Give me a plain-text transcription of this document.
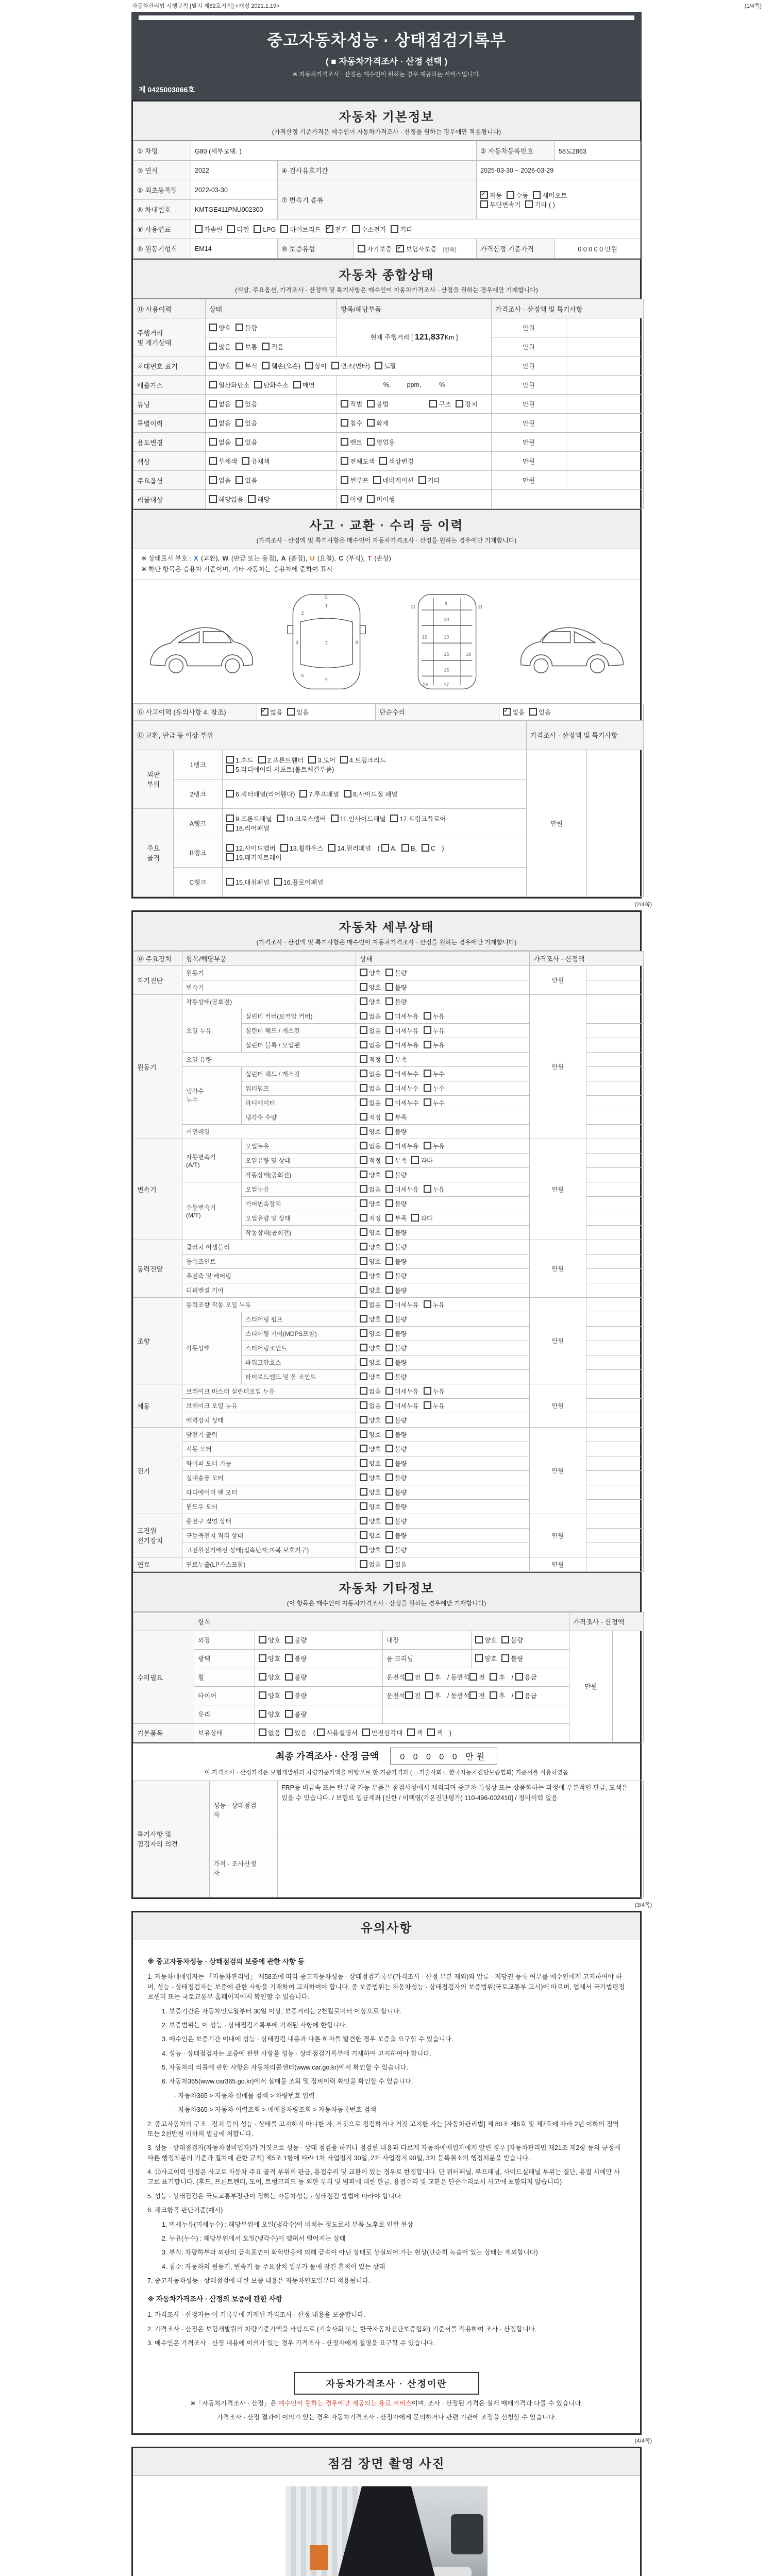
자동차관리법 시행규칙 [별지 제82호서식] <개정 2021.1.19>	(1/4쪽)
중고자동차성능 · 상태점검기록부
( ■ 자동차가격조사 · 산정 선택 )
※ 자동차가격조사 · 산정은 매수인이 원하는 경우 제공하는 서비스입니다.
제 0425003066호
자동차 기본정보
(가격산정 기준가격은 매수인이 자동차가격조사 · 산정을 원하는 경우에만 적용됩니다)
① 차명	G80 (세부모델: )			② 자동차등록번호	58도2863
③ 연식	2022	④ 검사유효기간		2025-03-30 ~ 2026-03-29	
⑤ 최초등록일	2022-03-30	⑦ 변속기 종류	✓자동 수동 세미오토
무단변속기 기타 ( )
⑥ 차대번호	KMTGE411PNU002300				
⑧ 사용연료	가솔린 디젤 LPG 하이브리드 ✓ 전기 수소전기 기타
⑨ 원동기형식	EM14	⑩ 보증유형	자가보증 ✓ 보험사보증 [한화]	가격산정 기준가격	0 0 0 0 0 만원
자동차 종합상태
(색상, 주요옵션, 가격조사 · 산정액 및 특기사항은 매수인이 자동차가격조사 · 산정을 원하는 경우에만 기재합니다)
⑪ 사용이력	상태	항목/해당부품	가격조사 · 산정액 및 특기사항	
주행거리
및 계기상태	양호 불량	현재 주행거리 [ 121,837Km ]	만원	
	많음 보통 적음		만원	
차대번호 표기	양호 부식 훼손(오손) 상이 변조(변타) 도말		만원	
배출가스	일산화탄소 탄화수소 매연	%,         ppm,          %	만원	
튜닝	없음 있음	적법 불법 구조 장치	만원	
특별이력	없음 있음	침수 화재	만원	
용도변경	없음 있음	렌트 영업용	만원	
색상	무채색 유채색	전체도색 색상변경	만원	
주요옵션	없음 있음	썬루프 네비게이션 기타	만원	
리콜대상	해당없음 해당	이행 미이행		
사고 · 교환 · 수리 등 이력
(가격조사 · 산정액 및 특기사항은 매수인이 자동차가격조사 · 산정을 원하는 경우에만 기재합니다)
※ 상태표시 부호 : X (교환), W (판금 또는 용접), A (흠집), U (요철), C (부식), T (손상)
※ 하단 항목은 승용차 기준이며, 기타 자동차는 승용차에 준하여 표시
1
2
3	7	8
4
5
6
11	11
9
10
12	13
15
16
19
17
18
⑫ 사고이력 (유의사항 4. 참조)	✓없음 있음	단순수리	✓없음 있음
⑬ 교환, 판금 등 이상 부위			가격조사 · 산정액 및 특기사항	
외판
부위	1랭크	1.후드 2.프론트휀더 3.도어 4.트렁크리드
5.라디에이터 서포트(볼트체결부품)	만원	
	2랭크	6.쿼터패널(리어휀다) 7.루프패널 8.사이드실 패널		
주요
골격	A랭크	9.프론트패널 10.크로스멤버 11.인사이드패널 17.트렁크플로어
18.리어패널		
	B랭크	12.사이드멤버 13.휠하우스 14.필러패널 ( A, B, C )
19.패키지트레이		
	C랭크	15.대쉬패널 16.플로어패널		
(2/4쪽)
자동차 세부상태
(가격조사 · 산정액 및 특기사항은 매수인이 자동차가격조사 · 산정을 원하는 경우에만 기재합니다)
⑭ 주요장치	항목/해당부품		상태	가격조사 · 산정액	
자기진단	원동기		양호 불량	만원	
	변속기		양호 불량		
원동기	작동상태(공회전)		양호 불량	만원	
	오일 누유	실린더 커버(로커암 커버)	없음 미세누유 누유		
		실린더 헤드 / 개스킷	없음 미세누유 누유		
		실린더 블록 / 오일팬	없음 미세누유 누유		
	오일 유량		적정 부족		
	냉각수
누수	실린더 헤드 / 개스킷	없음 미세누수 누수		
		워터펌프	없음 미세누수 누수		
		라디에이터	없음 미세누수 누수		
		냉각수 수량	적정 부족		
	커먼레일		양호 불량		
변속기	자동변속기
(A/T)	오일누유	없음 미세누유 누유	만원	
		오일유량 및 상태	적정 부족 과다		
		작동상태(공회전)	양호 불량		
	수동변속기
(M/T)	오일누유	없음 미세누유 누유		
		기어변속장치	양호 불량		
		오일유량 및 상태	적정 부족 과다		
		작동상태(공회전)	양호 불량		
동력전달	클러치 어셈블리		양호 불량	만원	
	등속조인트		양호 불량		
	추진축 및 베어링		양호 불량		
	디퍼렌셜 기어		양호 불량		
조향	동력조향 작동 오일 누유		없음 미세누유 누유	만원	
	작동상태	스티어링 펌프	양호 불량		
		스티어링 기어(MDPS포함)	양호 불량		
		스티어링조인트	양호 불량		
		파워고압호스	양호 불량		
		타이로드엔드 및 볼 조인트	양호 불량		
제동	브레이크 마스터 실린더오일 누유		없음 미세누유 누유	만원	
	브레이크 오일 누유		없음 미세누유 누유		
	배력장치 상태		양호 불량		
전기	발전기 출력		양호 불량	만원	
	시동 모터		양호 불량		
	와이퍼 모터 기능		양호 불량		
	실내송풍 모터		양호 불량		
	라디에이터 팬 모터		양호 불량		
	윈도우 모터		양호 불량		
고전원
전기장치	충전구 절연 상태		양호 불량	만원	
	구동축전지 격리 상태		양호 불량		
	고전원전기배선 상태(접속단자,피복,보호기구)		양호 불량		
연료	연료누출(LP가스포함)		없음 있음	만원	
자동차 기타정보
(이 항목은 매수인이 자동차가격조사 · 산정을 원하는 경우에만 기재합니다)
	항목				가격조사 · 산정액	
수리필요	외장	양호 불량	내장	양호 불량	만원	
	광택	양호 불량	룸 크리닝	양호 불량		
	휠	양호 불량	운전석 전 후 / 동반석 전 후 / 응급			
	타이어	양호 불량	운전석 전 후 / 동반석 전 후 / 응급			
	유리	양호 불량				
기본품목	보유상태	없음 있음 ( 사용설명서 안전삼각대 잭 잭 )				
최종 가격조사 · 산정 금액	0 0 0 0 0 만원
이 가격조사 · 산정가격은 보험개발원의 차량기준가액을 바탕으로 한 기준가격과 ( □ 기술사회 □ 한국자동차진단보증협회) 기준서를 적용하였음
특기사항 및
점검자의 의견	성능 · 상태점검
자	FRP등 비금속 또는 탈부착 가능 부품은 점검사항에서 제외되며 중고차 특성상 또는 상품화하는 과정에 부분적인 판금, 도색은 있을 수 있습니다. / 보험료 입금계좌 [신한 / 이택영(가온진단평가) 110-496-002410] / 정비이력 없음
	가격 · 조사산정
자	
(3/4쪽)
유의사항
※ 중고자동차성능 · 상태점검의 보증에 관한 사항 등
1. 자동차매매업자는 「자동차관리법」 제58조에 따라 중고자동차성능 · 상태점검기록부(가격조사 · 산정 부분 제외)와 압류 · 저당권 등록 여부를 매수인에게 고지하여야 하며, 성능 · 상태점검자는 보증에 관한 사항을 기재하여 고지하여야 합니다. 중 보증범위는 자동차성능 · 상태점검자의 보증범위(국토교통부 고시)에 따르며, 업체서 국가법령정보센터 또는 국토교통부 홈페이지에서 확인할 수 있습니다.
1. 보증기간은 자동차인도일부터 30일 이상, 보증거리는 2천킬로미터 이상으로 합니다.
2. 보증범위는 이 성능 · 상태점검기록부에 기재된 사항에 한합니다.
3. 매수인은 보증기간 이내에 성능 · 상태점검 내용과 다른 하자를 발견한 경우 보증을 요구할 수 있습니다.
4. 성능 · 상태점검자는 보증에 관한 사항을 성능 · 상태점검기록부에 기재하여 고지하여야 합니다.
5. 자동차의 리콜에 관한 사항은 자동차리콜센터(www.car.go.kr)에서 확인할 수 있습니다.
6. 자동차365(www.car365.go.kr)에서 실매물 조회 및 정비이력 확인을 확인할 수 있습니다.
- 자동차365 > 자동차 실매물 검색 > 차량번호 입력
- 자동차365 > 자동차 이력조회 > 매매용차량조회 > 자동차등록번호 검색
2. 중고자동차의 구조 · 장치 등의 성능 · 상태를 고지하지 아니한 자, 거짓으로 점검하거나 거짓 고지한 자는 [자동차관리법] 제 80조 제6호 및 제7호에 따라 2년 이하의 징역 또는 2천만원 이하의 벌금에 처합니다.
3. 성능 · 상태점검자(자동차정비업자)가 거짓으로 성능 · 상태 점검을 하거나 점검한 내용과 다르게 자동차매매업자에게 알린 경우 [자동차관리법 제21조 제2항 등의 규정에 따른 행정처분의 기준과 절차에 관한 규칙] 제5조 1항에 따라 1차 사업정지 30일, 2차 사업정지 90일, 3차 등록취소의 행정처분을 받습니다.
4. ⑫사고이력 인정은 사고로 자동차 주요 골격 부위의 판금, 용접수리 및 교환이 있는 경우로 한정합니다. 단 쿼터패널, 루프패널, 사이드실패널 부위는 절단, 용접 시에만 사고로 표기합니다. (후드, 프론트펜더, 도어, 트렁크리드 등 외판 부위 및 범퍼에 대한 판금, 용접수리 및 교환은 단순수리로서 사고에 포함되지 않습니다)
5. 성능 · 상태점검은 국토교통부장관이 정하는 자동차성능 · 상태점검 방법에 따라야 합니다.
6. 체크항목 판단기준(예시)
1. 미세누유(미세누수) : 해당부위에 오일(냉각수)이 비치는 정도로서 부품 노후로 인한 현상
2. 누유(누수) : 해당부위에서 오일(냉각수)이 맺혀서 떨어지는 상태
3. 부식: 차량하부와 외판의 금속표면이 화학반응에 의해 금속이 아닌 상태로 상실되어 가는 현상(단순히 녹슬어 있는 상태는 제외합니다)
4. 침수: 자동차의 원동기, 변속기 등 주요장치 일부가 물에 잠긴 흔적이 있는 상태
7. 중고자동차성능 · 상태점검에 대한 보증 내용은 자동차인도일부터 적용됩니다.
※ 자동차가격조사 · 산정의 보증에 관한 사항
1. 가격조사 · 산정자는 이 기록부에 기재된 가격조사 · 산정 내용을 보증합니다.
2. 가격조사 · 산정은 보험개발원의 차량기준가액을 바탕으로 (기술사회 또는 한국자동차진단보증협회) 기준서를 적용하여 조사 · 산정합니다.
3. 매수인은 가격조사 · 산정 내용에 이의가 있는 경우 가격조사 · 산정자에게 설명을 요구할 수 있습니다.
자동차가격조사 · 산정이란
※「자동차가격조사 · 산정」은 매수인이 원하는 경우에만 제공되는 유료 서비스이며, 조사 · 산정된 가격은 실제 매매가격과 다를 수 있습니다.
가격조사 · 산정 결과에 이의가 있는 경우 자동차가격조사 · 산정자에게 문의하거나 관련 기관에 조정을 신청할 수 있습니다.
(4/4쪽)
점검 장면 촬영 사진
